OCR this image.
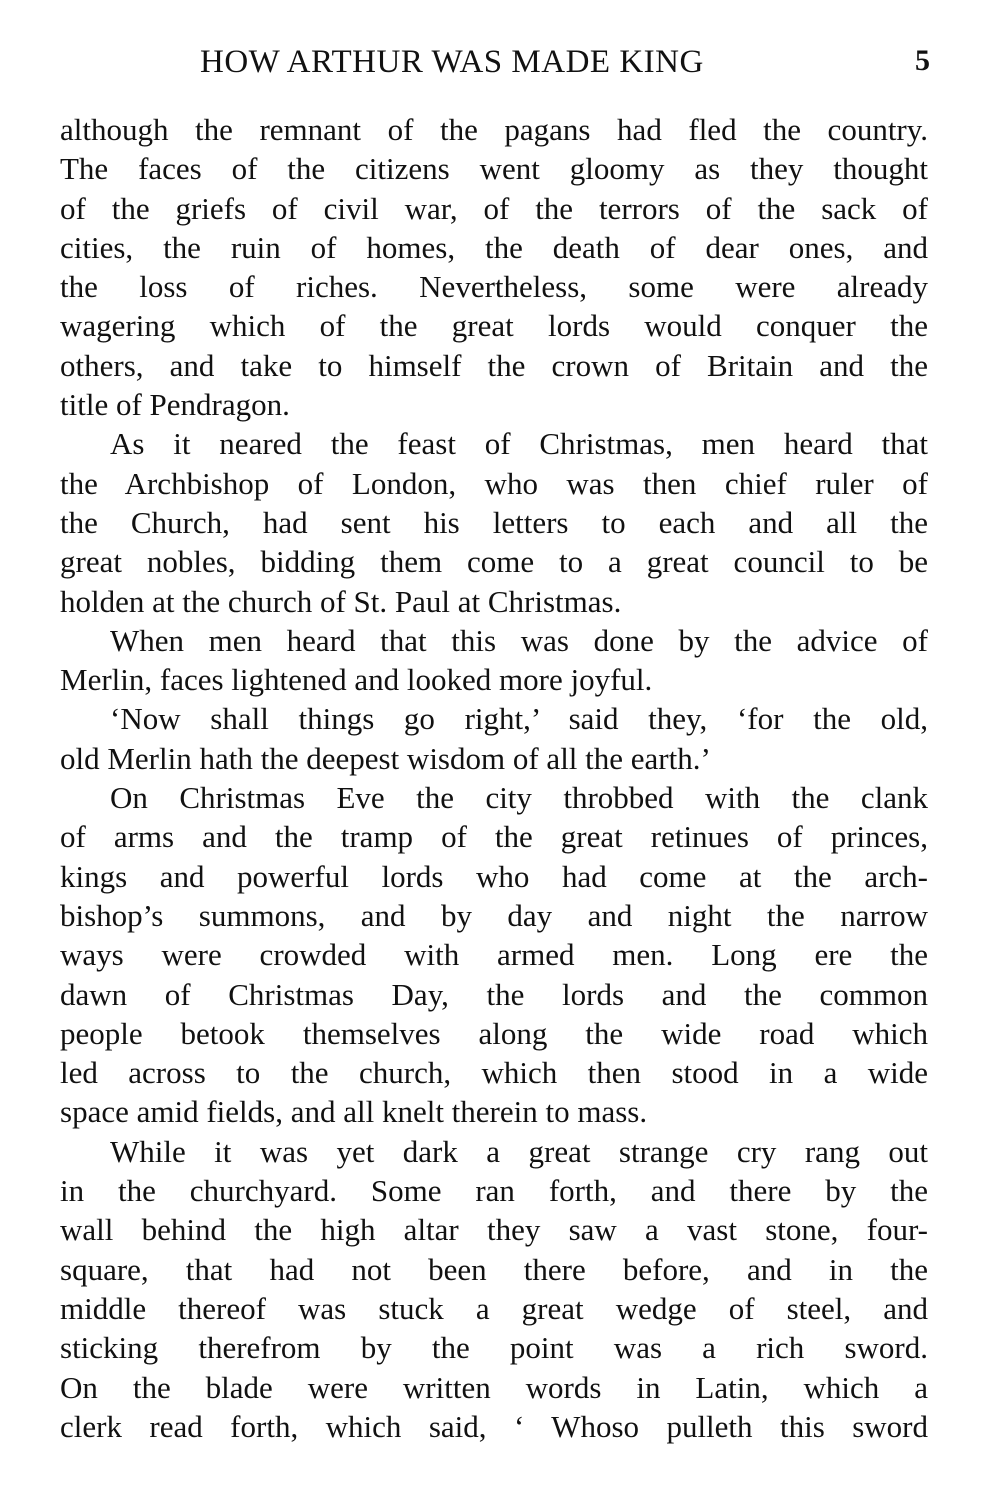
HOW ARTHUR WAS MADE KING	5
although the remnant of the pagans had fled the country.
The faces of the citizens went gloomy as they thought
of the griefs of civil war, of the terrors of the sack of
cities, the ruin of homes, the death of dear ones, and
the loss of riches. Nevertheless, some were already
wagering which of the great lords would conquer the
others, and take to himself the crown of Britain and the
title of Pendragon.
As it neared the feast of Christmas, men heard that
the Archbishop of London, who was then chief ruler of
the Church, had sent his letters to each and all the
great nobles, bidding them come to a great council to be
holden at the church of St. Paul at Christmas.
When men heard that this was done by the advice of
Merlin, faces lightened and looked more joyful.
‘Now shall things go right,’ said they, ‘for the old,
old Merlin hath the deepest wisdom of all the earth.’
On Christmas Eve the city throbbed with the clank
of arms and the tramp of the great retinues of princes,
kings and powerful lords who had come at the arch-
bishop’s summons, and by day and night the narrow
ways were crowded with armed men. Long ere the
dawn of Christmas Day, the lords and the common
people betook themselves along the wide road which
led across to the church, which then stood in a wide
space amid fields, and all knelt therein to mass.
While it was yet dark a great strange cry rang out
in the churchyard. Some ran forth, and there by the
wall behind the high altar they saw a vast stone, four-
square, that had not been there before, and in the
middle thereof was stuck a great wedge of steel, and
sticking therefrom by the point was a rich sword.
On the blade were written words in Latin, which a
clerk read forth, which said, ‘ Whoso pulleth this sword
